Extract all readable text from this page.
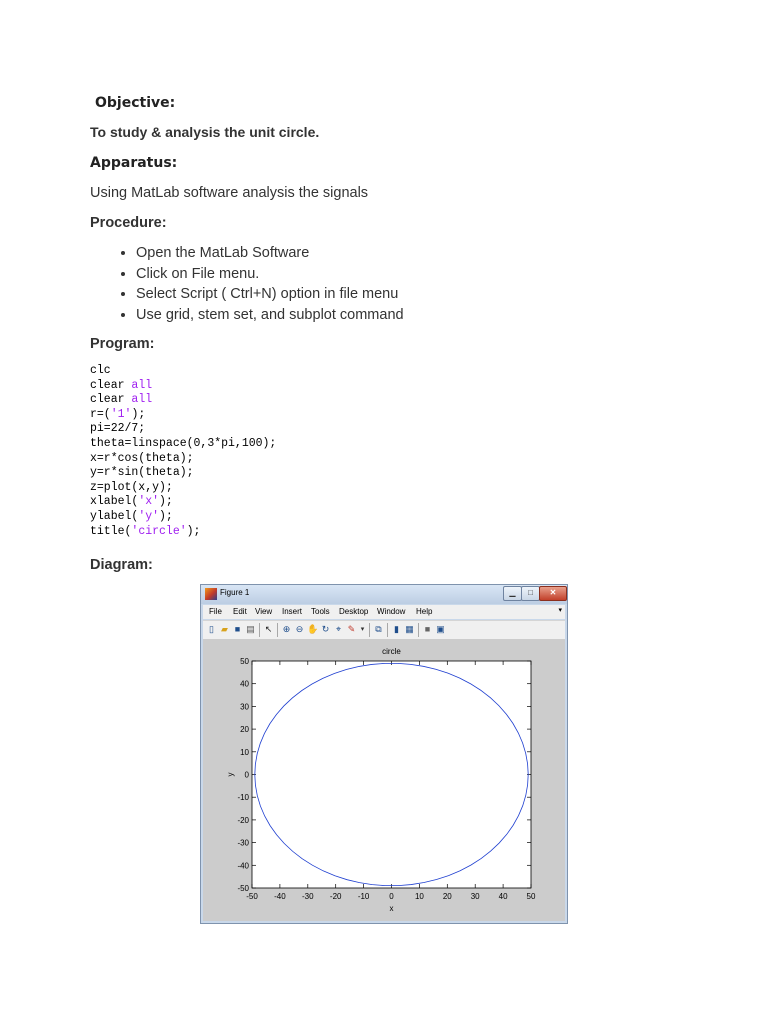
Objective:
To study & analysis the unit circle.
Apparatus:
Using MatLab software analysis the signals
Procedure:
• Open the MatLab Software
• Click on File menu.
• Select Script ( Ctrl+N) option in file menu
• Use grid, stem set, and subplot command
Program:
clc
clear all
clear all
r=('1');
pi=22/7;
theta=linspace(0,3*pi,100);
x=r*cos(theta);
y=r*sin(theta);
z=plot(x,y);
xlabel('x');
ylabel('y');
title('circle');
Diagram:
Figure 1	▁	□	✕
File Edit View Insert Tools Desktop Window Help	▾
▯ ▰ ■ ▤ ↖ ⊕ ⊖ ✋ ↻ ⌖ ✎ ▾	⧉	▮ ▦	■ ▣
-50 -40 -30 -20 -10 0	10 20 30 40 50
-50
-40
-30
-20
-10
0
10
20
30
40
50
circle
x
y
